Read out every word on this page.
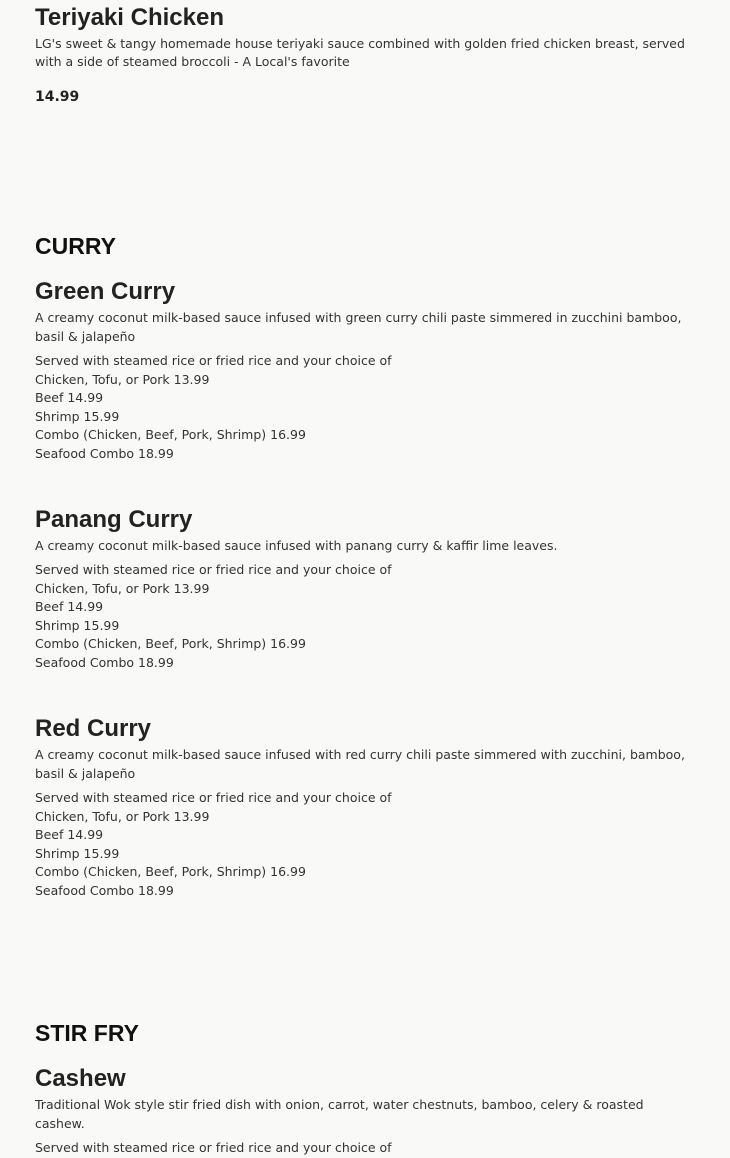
Teriyaki Chicken

LG's sweet & tangy homemade house teriyaki sauce combined with golden fried chicken breast, served with a side of steamed broccoli - A Local's favorite

14.99
CURRY
Green Curry

A creamy coconut milk-based sauce infused with green curry chili paste simmered in zucchini bamboo, basil & jalapeño

Served with steamed rice or fried rice and your choice of
Chicken, Tofu, or Pork 13.99
Beef 14.99
Shrimp 15.99
Combo (Chicken, Beef, Pork, Shrimp) 16.99
Seafood Combo 18.99
Panang Curry

A creamy coconut milk-based sauce infused with panang curry & kaffir lime leaves.

Served with steamed rice or fried rice and your choice of
Chicken, Tofu, or Pork 13.99
Beef 14.99
Shrimp 15.99
Combo (Chicken, Beef, Pork, Shrimp) 16.99
Seafood Combo 18.99
Red Curry

A creamy coconut milk-based sauce infused with red curry chili paste simmered with zucchini, bamboo, basil & jalapeño

Served with steamed rice or fried rice and your choice of
Chicken, Tofu, or Pork 13.99
Beef 14.99
Shrimp 15.99
Combo (Chicken, Beef, Pork, Shrimp) 16.99
Seafood Combo 18.99
STIR FRY
Cashew

Traditional Wok style stir fried dish with onion, carrot, water chestnuts, bamboo, celery & roasted cashew.

Served with steamed rice or fried rice and your choice of
